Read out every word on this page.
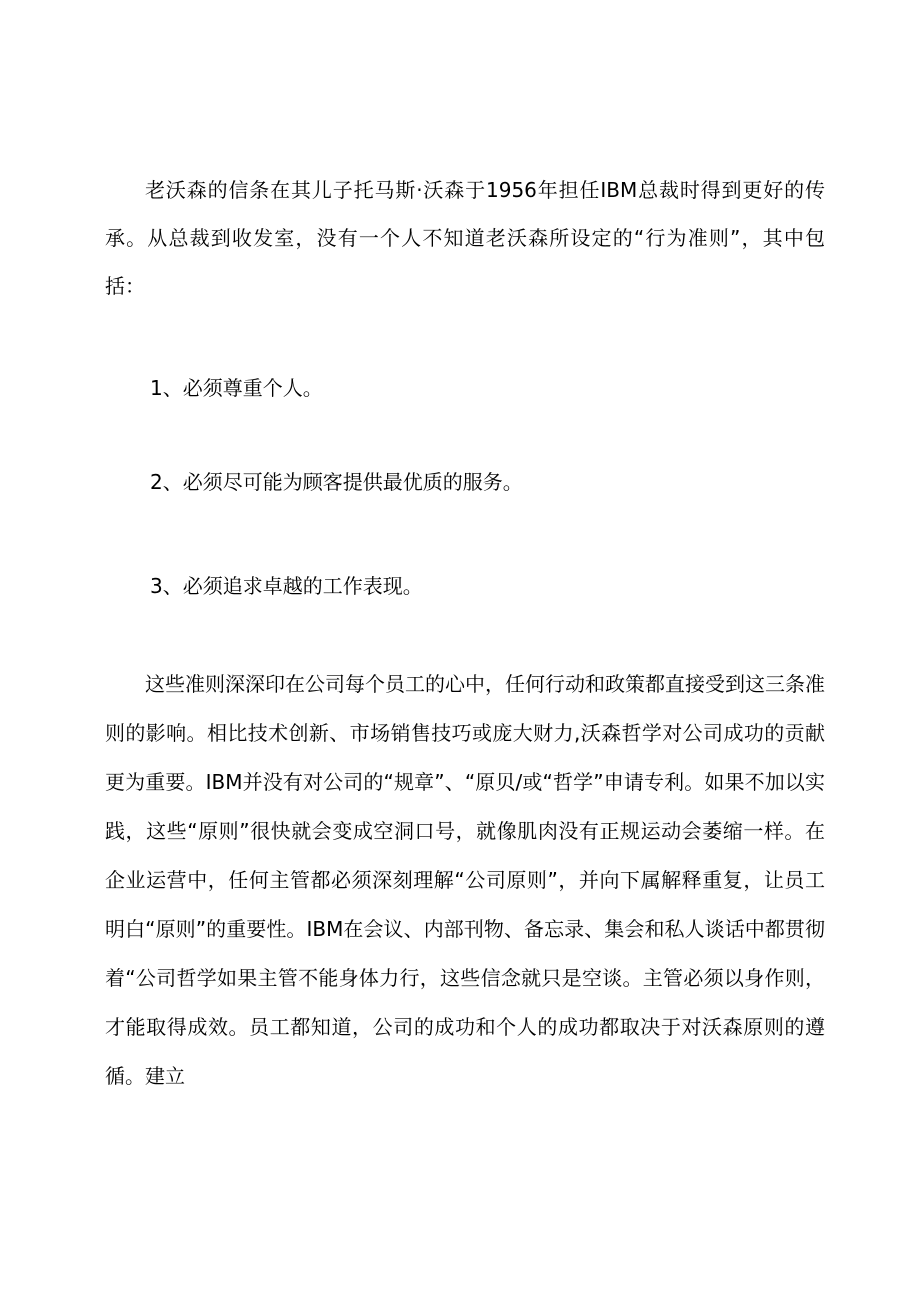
老沃森的信条在其儿子托马斯·沃森于1956年担任IBM总裁时得到更好的传承。从总裁到收发室，没有一个人不知道老沃森所设定的“行为准则”，其中包括：

1、必须尊重个人。

2、必须尽可能为顾客提供最优质的服务。

3、必须追求卓越的工作表现。

这些准则深深印在公司每个员工的心中，任何行动和政策都直接受到这三条准则的影响。相比技术创新、市场销售技巧或庞大财力,沃森哲学对公司成功的贡献更为重要。IBM并没有对公司的“规章”、“原贝/或“哲学”申请专利。如果不加以实践，这些“原则”很快就会变成空洞口号，就像肌肉没有正规运动会萎缩一样。在企业运营中，任何主管都必须深刻理解“公司原则”，并向下属解释重复，让员工明白“原则”的重要性。IBM在会议、内部刊物、备忘录、集会和私人谈话中都贯彻着“公司哲学如果主管不能身体力行，这些信念就只是空谈。主管必须以身作则，才能取得成效。员工都知道，公司的成功和个人的成功都取决于对沃森原则的遵循。建立
